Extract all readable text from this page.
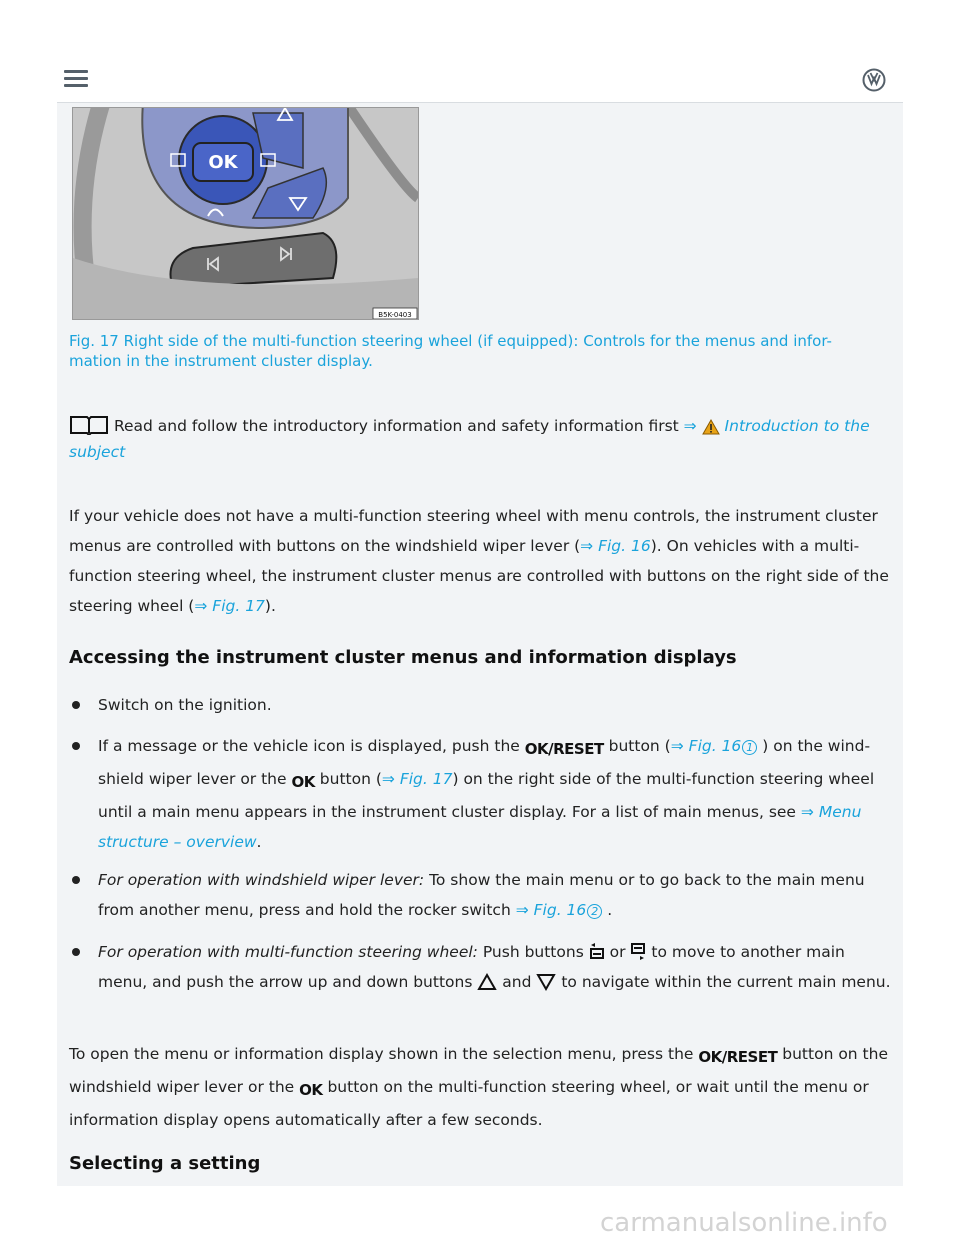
OK
B5K-0403
Fig. 17 Right side of the multi-function steering wheel (if equipped): Controls for the menus and infor-mation in the instrument cluster display.
Read and follow the introductory information and safety information first ⇒ Introduction to the subject
If your vehicle does not have a multi-function steering wheel with menu controls, the instrument cluster menus are controlled with buttons on the windshield wiper lever (⇒ Fig. 16). On vehicles with a multi-function steering wheel, the instrument cluster menus are controlled with buttons on the right side of the steering wheel (⇒ Fig. 17).
Accessing the instrument cluster menus and information displays
Switch on the ignition.
If a message or the vehicle icon is displayed, push the OK/RESET button (⇒ Fig. 16 1 ) on the wind-shield wiper lever or the OK button (⇒ Fig. 17) on the right side of the multi-function steering wheel until a main menu appears in the instrument cluster display. For a list of main menus, see ⇒ Menu structure – overview.
For operation with windshield wiper lever: To show the main menu or to go back to the main menu from another menu, press and hold the rocker switch ⇒ Fig. 16 2 .
For operation with multi-function steering wheel: Push buttons or to move to another main menu, and push the arrow up and down buttons and to navigate within the current main menu.
To open the menu or information display shown in the selection menu, press the OK/RESET button on the windshield wiper lever or the OK button on the multi-function steering wheel, or wait until the menu or information display opens automatically after a few seconds.
Selecting a setting
carmanualsonline.info
